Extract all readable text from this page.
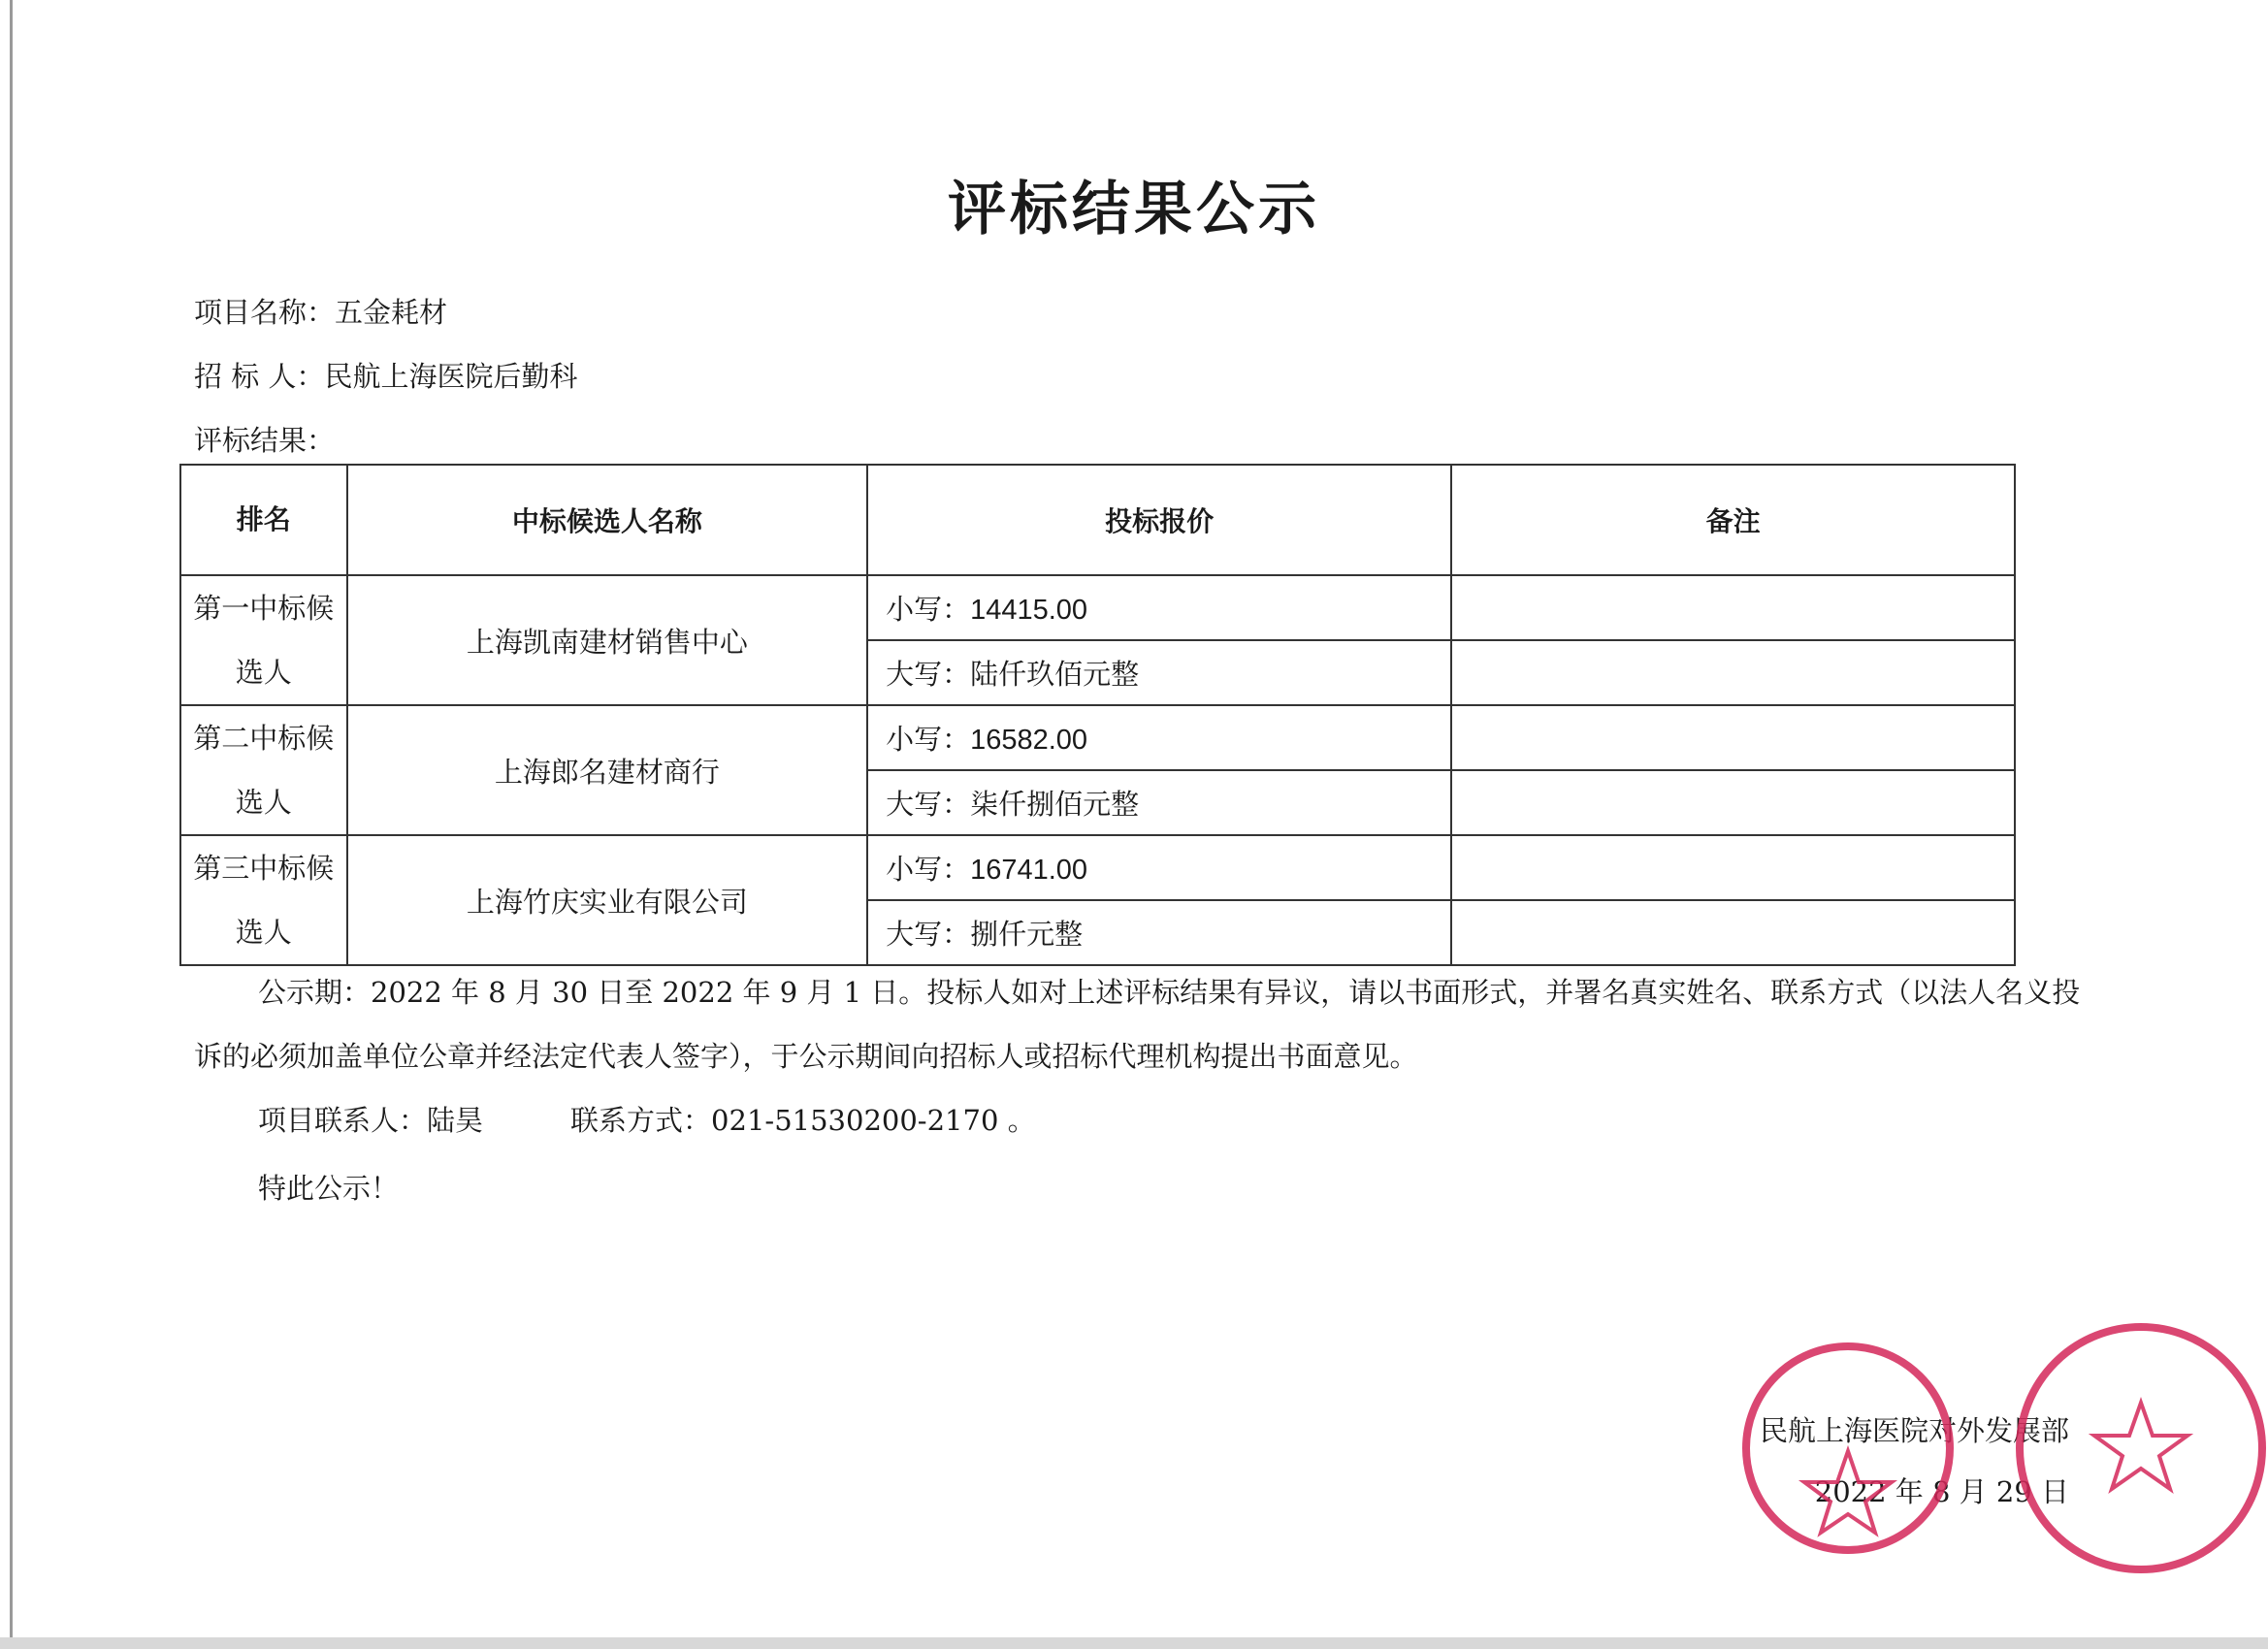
评标结果公示
项目名称：五金耗材
招 标 人：民航上海医院后勤科
评标结果：
排名	中标候选人名称	投标报价	备注
第一中标候选人	上海凯南建材销售中心	小写：14415.00	
		大写：陆仟玖佰元整	
第二中标候选人	上海郎名建材商行	小写：16582.00	
		大写：柒仟捌佰元整	
第三中标候选人	上海竹庆实业有限公司	小写：16741.00	
		大写：捌仟元整	
公示期：2022 年 8 月 30 日至 2022 年 9 月 1 日。投标人如对上述评标结果有异议，请以书面形式，并署名真实姓名、联系方式（以法人名义投诉的必须加盖单位公章并经法定代表人签字），于公示期间向招标人或招标代理机构提出书面意见。
项目联系人：陆昊	联系方式：021-51530200-2170 。
特此公示！
民航上海医院对外发展部
2022 年 8 月 29 日
